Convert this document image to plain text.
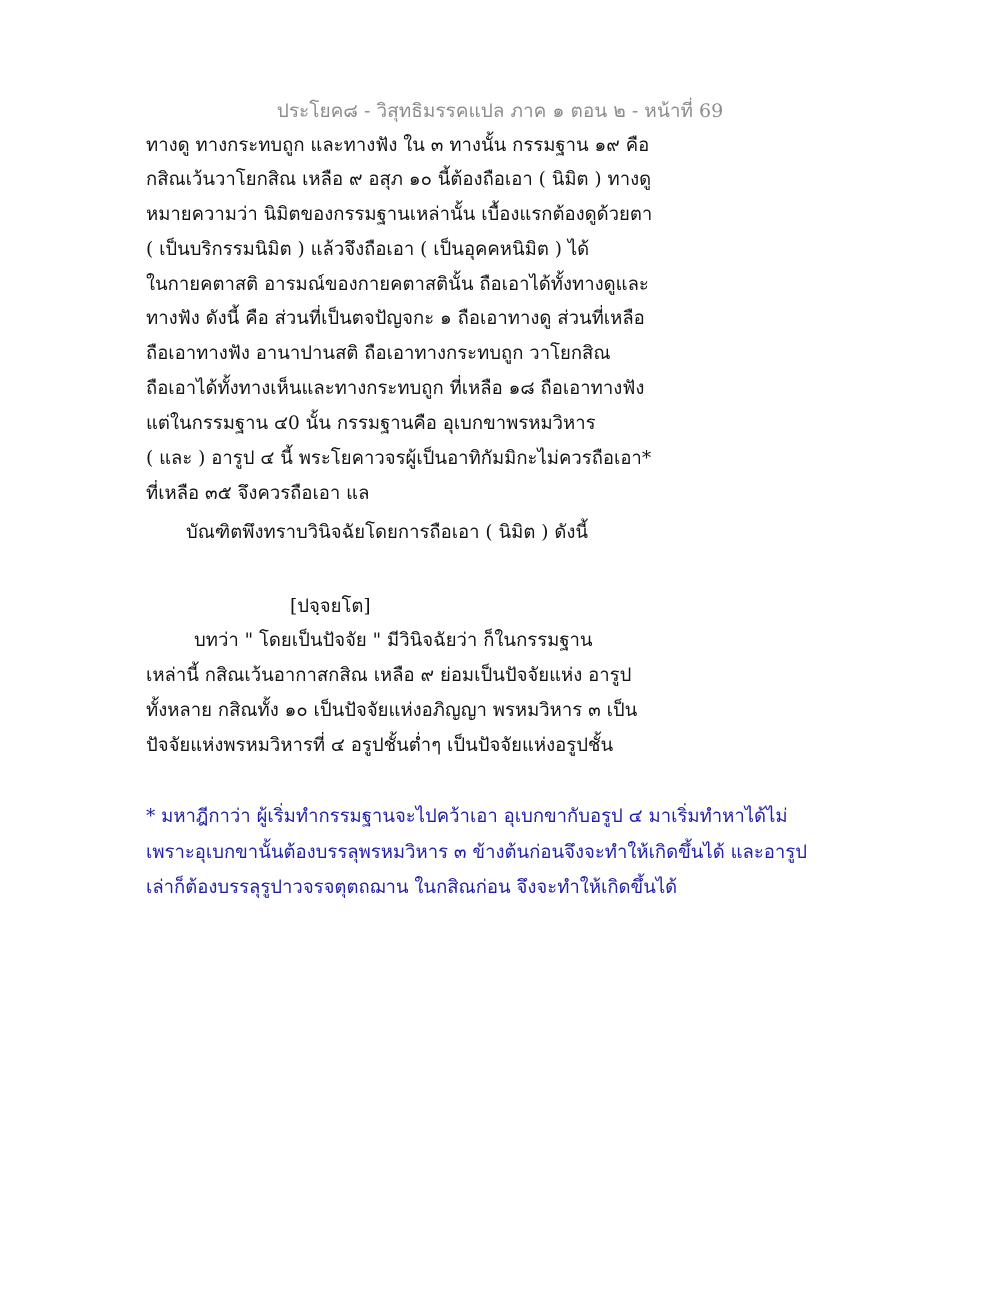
ประโยค๘ - วิสุทธิมรรคแปล ภาค ๑ ตอน ๒ - หน้าที่ 69
ทางดู ทางกระทบถูก และทางฟัง ใน ๓ ทางนั้น กรรมฐาน ๑๙ คือ
กสิณเว้นวาโยกสิณ เหลือ ๙ อสุภ ๑๐ นี้ต้องถือเอา ( นิมิต ) ทางดู
หมายความว่า นิมิตของกรรมฐานเหล่านั้น เบื้องแรกต้องดูด้วยตา
( เป็นบริกรรมนิมิต ) แล้วจึงถือเอา ( เป็นอุคคหนิมิต ) ได้
ในกายคตาสติ อารมณ์ของกายคตาสตินั้น ถือเอาได้ทั้งทางดูและ
ทางฟัง ดังนี้ คือ ส่วนที่เป็นตจปัญจกะ ๑ ถือเอาทางดู ส่วนที่เหลือ
ถือเอาทางฟัง อานาปานสติ ถือเอาทางกระทบถูก วาโยกสิณ
ถือเอาได้ทั้งทางเห็นและทางกระทบถูก ที่เหลือ ๑๘ ถือเอาทางฟัง
แต่ในกรรมฐาน ๔0 นั้น กรรมฐานคือ อุเบกขาพรหมวิหาร
( และ ) อารูป ๔ นี้ พระโยคาวจรผู้เป็นอาทิกัมมิกะไม่ควรถือเอา*
ที่เหลือ ๓๕ จึงควรถือเอา แล
บัณฑิตพึงทราบวินิจฉัยโดยการถือเอา ( นิมิต ) ดังนี้
[ปจฺจยโต]
บทว่า " โดยเป็นปัจจัย " มีวินิจฉัยว่า ก็ในกรรมฐาน
เหล่านี้ กสิณเว้นอากาสกสิณ เหลือ ๙ ย่อมเป็นปัจจัยแห่ง อารูป
ทั้งหลาย กสิณทั้ง ๑๐ เป็นปัจจัยแห่งอภิญญา พรหมวิหาร ๓ เป็น
ปัจจัยแห่งพรหมวิหารที่ ๔ อรูปชั้นต่ำๆ เป็นปัจจัยแห่งอรูปชั้น
* มหาฎีกาว่า ผู้เริ่มทำกรรมฐานจะไปคว้าเอา อุเบกขากับอรูป ๔ มาเริ่มทำหาได้ไม่
เพราะอุเบกขานั้นต้องบรรลุพรหมวิหาร ๓ ข้างต้นก่อนจึงจะทำให้เกิดขึ้นได้ และอารูป
เล่าก็ต้องบรรลุรูปาวจรจตุตถฌาน ในกสิณก่อน จึงจะทำให้เกิดขึ้นได้
